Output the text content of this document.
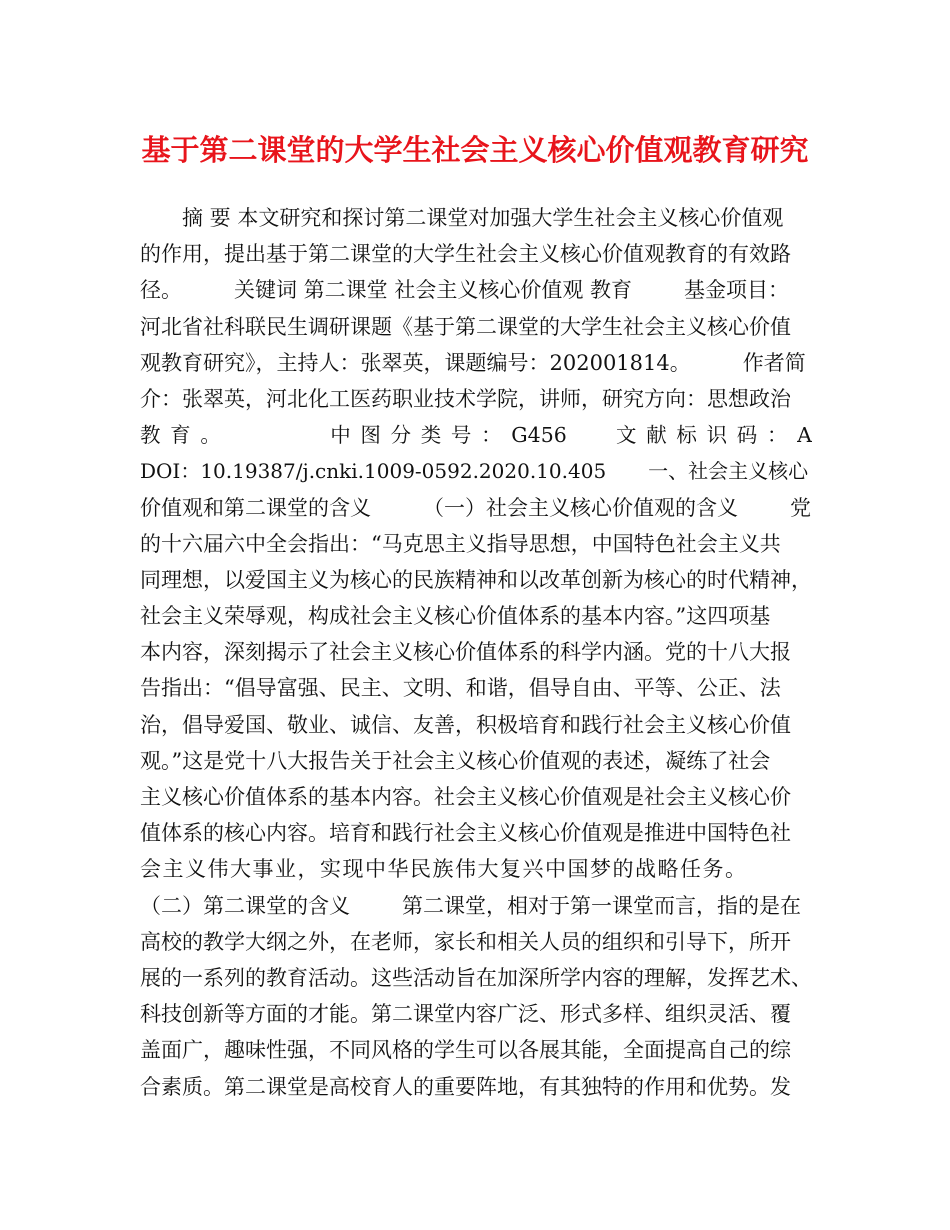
基于第二课堂的大学生社会主义核心价值观教育研究
摘 要 本文研究和探讨第二课堂对加强大学生社会主义核心价值观
的作用，提出基于第二课堂的大学生社会主义核心价值观教育的有效路
径。 关键词 第二课堂 社会主义核心价值观 教育 基金项目：
河北省社科联民生调研课题《基于第二课堂的大学生社会主义核心价值
观教育研究》，主持人：张翠英，课题编号：202001814。 作者简
介：张翠英，河北化工医药职业技术学院，讲师，研究方向：思想政治
教 育 。	中 图 分 类 号 ： G456 文 献 标 识 码 ： A
DOI：10.19387/j.cnki.1009-0592.2020.10.405 一、社会主义核心
价值观和第二课堂的含义 （一）社会主义核心价值观的含义 党
的十六届六中全会指出：“马克思主义指导思想，中国特色社会主义共
同理想，以爱国主义为核心的民族精神和以改革创新为核心的时代精神，
社会主义荣辱观，构成社会主义核心价值体系的基本内容。”这四项基
本内容，深刻揭示了社会主义核心价值体系的科学内涵。党的十八大报
告指出：“倡导富强、民主、文明、和谐，倡导自由、平等、公正、法
治，倡导爱国、敬业、诚信、友善，积极培育和践行社会主义核心价值
观。”这是党十八大报告关于社会主义核心价值观的表述，凝练了社会
主义核心价值体系的基本内容。社会主义核心价值观是社会主义核心价
值体系的核心内容。培育和践行社会主义核心价值观是推进中国特色社
会主义伟大事业，实现中华民族伟大复兴中国梦的战略任务。
（二）第二课堂的含义 第二课堂，相对于第一课堂而言，指的是在
高校的教学大纲之外，在老师，家长和相关人员的组织和引导下，所开
展的一系列的教育活动。这些活动旨在加深所学内容的理解，发挥艺术、
科技创新等方面的才能。第二课堂内容广泛、形式多样、组织灵活、覆
盖面广，趣味性强，不同风格的学生可以各展其能，全面提高自己的综
合素质。第二课堂是高校育人的重要阵地，有其独特的作用和优势。发
